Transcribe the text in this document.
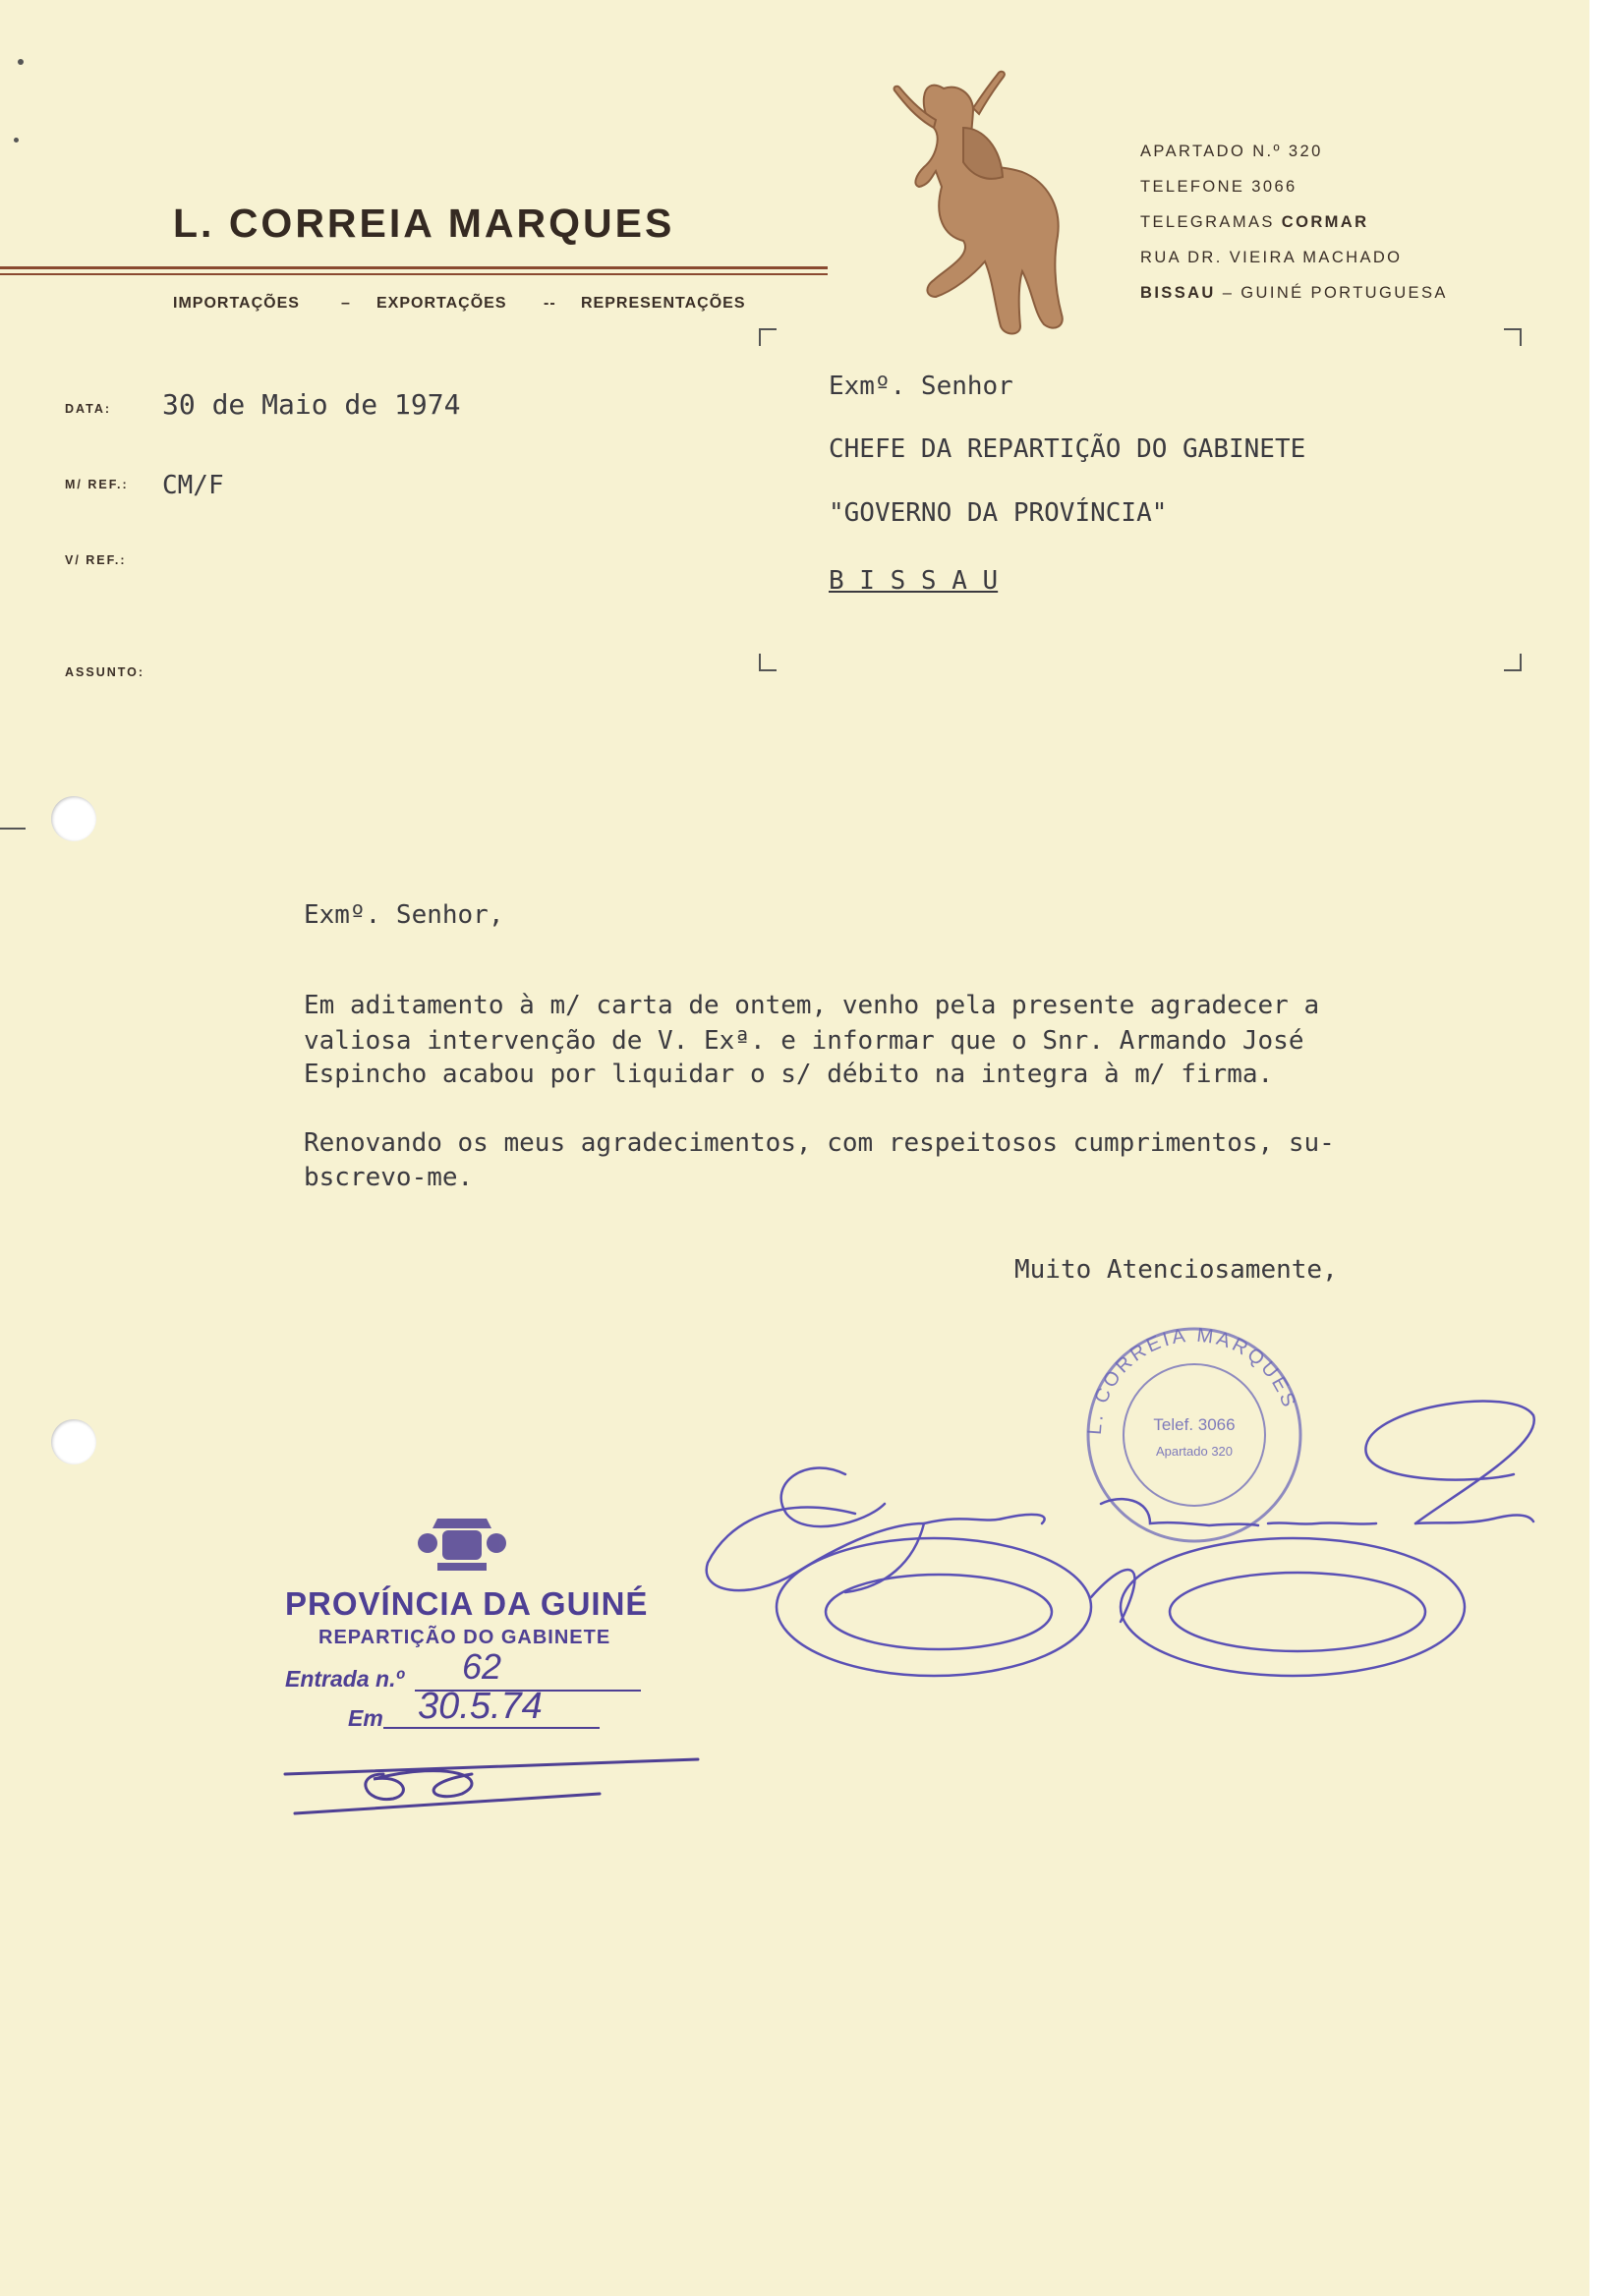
L. CORREIA MARQUES
IMPORTAÇÕES	– EXPORTAÇÕES -- REPRESENTAÇÕES
APARTADO N.º 320
TELEFONE 3066
TELEGRAMAS CORMAR
RUA DR. VIEIRA MACHADO
BISSAU – GUINÉ PORTUGUESA
DATA: 30 de Maio de 1974
M/ REF.: CM/F
V/ REF.:
ASSUNTO:
Exmº. Senhor
CHEFE DA REPARTIÇÃO DO GABINETE
"GOVERNO DA PROVÍNCIA"
B I S S A U
Exmº. Senhor,
Em aditamento à m/ carta de ontem, venho pela presente agradecer a
valiosa intervenção de V. Exª. e informar que o Snr. Armando José
Espincho acabou por liquidar o s/ débito na integra à m/ firma.
Renovando os meus agradecimentos, com respeitosos cumprimentos, su-
bscrevo-me.
Muito Atenciosamente,
L. CORREIA MARQUES
Telef. 3066
Apartado 320
José Soares dos Santos
PROVÍNCIA DA GUINÉ
REPARTIÇÃO DO GABINETE
Entrada n.º 62
Em 30.5.74
